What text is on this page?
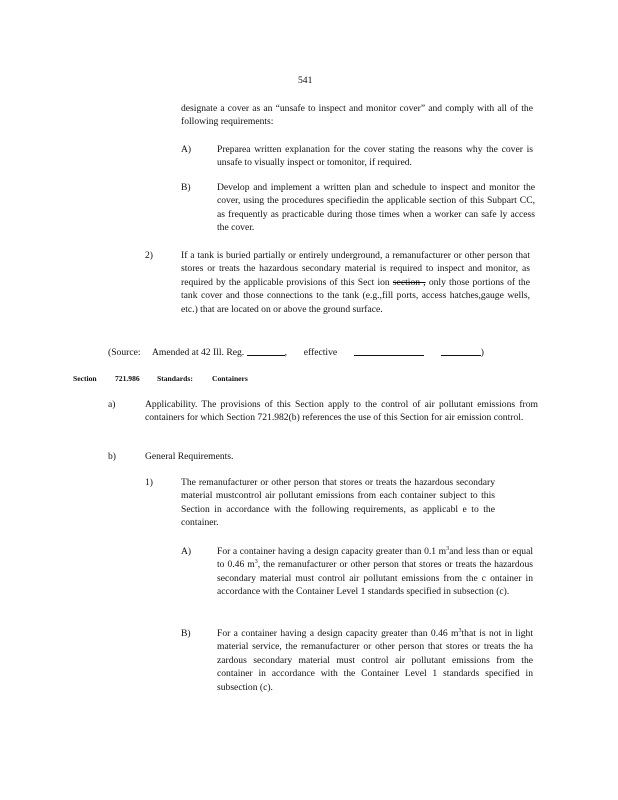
541
designate a cover as an “unsafe to inspect and monitor cover” and comply with all of the following requirements:
A)	Preparea written explanation for the cover stating the reasons why the cover is unsafe to visually inspect or tomonitor, if required.
B)	Develop and implement a written plan and schedule to inspect and monitor the cover, using the procedures specifiedin the applicable section of this Subpart CC, as frequently as practicable during those times when a worker can safe ly access the cover.
2)	If a tank is buried partially or entirely underground, a remanufacturer or other person that stores or treats the hazardous secondary material is required to inspect and monitor, as required by the applicable provisions of this Sect ion section , only those portions of the tank cover and those connections to the tank (e.g.,fill ports, access hatches,gauge wells, etc.) that are located on or above the ground surface.
(Source: Amended at 42 Ill. Reg.	, effective	)
Section 721.986 Standards:	Containers
a)	Applicability. The provisions of this Section apply to the control of air pollutant emissions from containers for which Section 721.982(b) references the use of this Section for air emission control.
b)	General Requirements.
1)	The remanufacturer or other person that stores or treats the hazardous secondary material mustcontrol air pollutant emissions from each container subject to this Section in accordance with the following requirements, as applicabl e to the container.
A)	For a container having a design capacity greater than 0.1 $m^3and$ less than or equal to 0.46 $m^3$, the remanufacturer or other person that stores or treats the hazardous secondary material must control air pollutant emissions from the c ontainer in accordance with the Container Level 1 standards specified in subsection (c).
B)	For a container having a design capacity greater than 0.46 $m^3that$ is not in light material service, the remanufacturer or other person that stores or treats the ha zardous secondary material must control air pollutant emissions from the container in accordance with the Container Level 1 standards specified in subsection (c).
